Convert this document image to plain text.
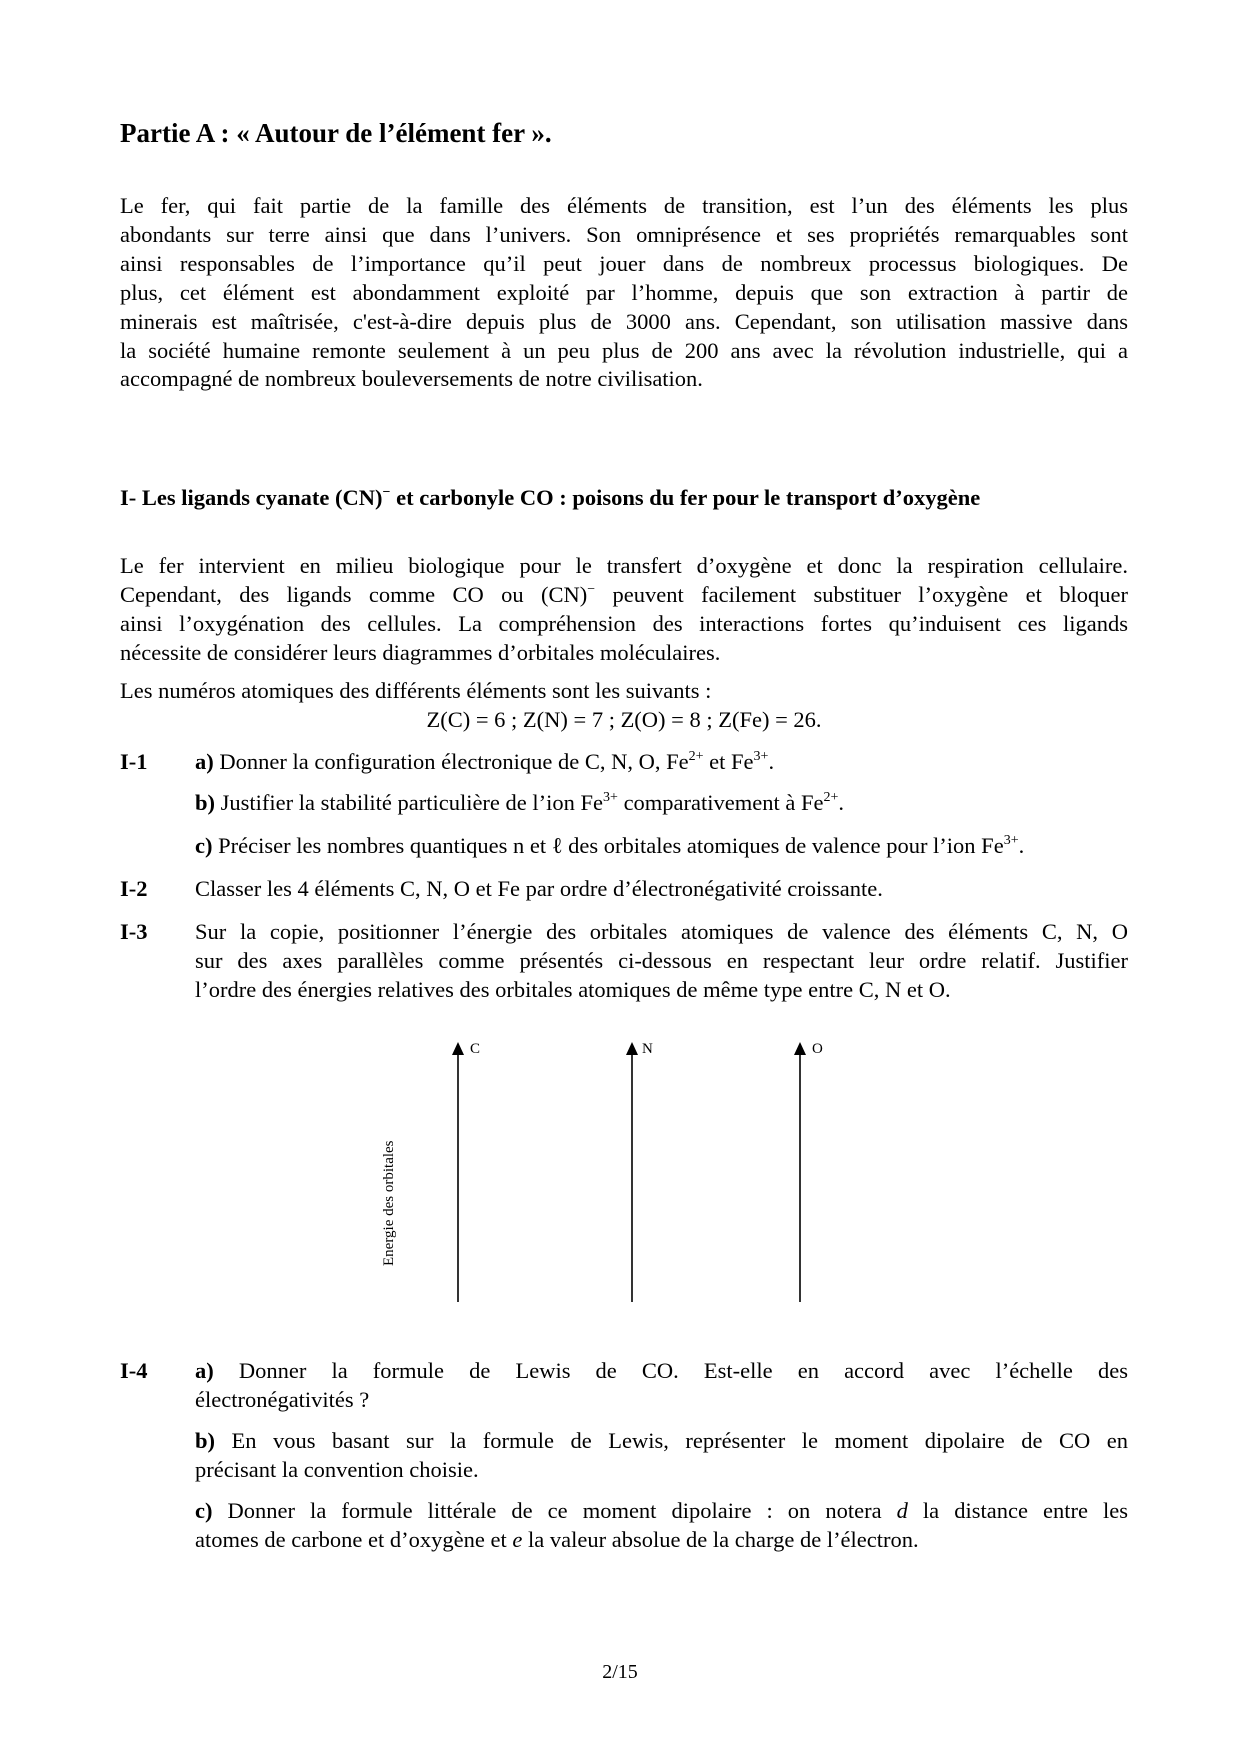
Partie A : « Autour de l’élément fer ».
Le fer, qui fait partie de la famille des éléments de transition, est l’un des éléments les plus
abondants sur terre ainsi que dans l’univers. Son omniprésence et ses propriétés remarquables sont
ainsi responsables de l’importance qu’il peut jouer dans de nombreux processus biologiques. De
plus, cet élément est abondamment exploité par l’homme, depuis que son extraction à partir de
minerais est maîtrisée, c'est-à-dire depuis plus de 3000 ans. Cependant, son utilisation massive dans
la société humaine remonte seulement à un peu plus de 200 ans avec la révolution industrielle, qui a
accompagné de nombreux bouleversements de notre civilisation.
I- Les ligands cyanate (CN)− et carbonyle CO : poisons du fer pour le transport d’oxygène
Le fer intervient en milieu biologique pour le transfert d’oxygène et donc la respiration cellulaire.
Cependant, des ligands comme CO ou (CN)− peuvent facilement substituer l’oxygène et bloquer
ainsi l’oxygénation des cellules. La compréhension des interactions fortes qu’induisent ces ligands
nécessite de considérer leurs diagrammes d’orbitales moléculaires.
Les numéros atomiques des différents éléments sont les suivants :
Z(C) = 6 ; Z(N) = 7 ; Z(O) = 8 ; Z(Fe) = 26.
I-1 a) Donner la configuration électronique de C, N, O, $Fe^{2+}$ et $Fe^{3+}$.
b) Justifier la stabilité particulière de l’ion $Fe^{3+}$ comparativement à $Fe^{2+}$.
c) Préciser les nombres quantiques n et ℓ des orbitales atomiques de valence pour l’ion $Fe^{3+}$.
I-2 Classer les 4 éléments C, N, O et Fe par ordre d’électronégativité croissante.
I-3 Sur la copie, positionner l’énergie des orbitales atomiques de valence des éléments C, N, O
sur des axes parallèles comme présentés ci-dessous en respectant leur ordre relatif. Justifier
l’ordre des énergies relatives des orbitales atomiques de même type entre C, N et O.
Energie des orbitales
C	N	O
I-4 a) Donner la formule de Lewis de CO. Est-elle en accord avec l’échelle des
électronégativités ?
b) En vous basant sur la formule de Lewis, représenter le moment dipolaire de CO en
précisant la convention choisie.
c) Donner la formule littérale de ce moment dipolaire : on notera d la distance entre les
atomes de carbone et d’oxygène et e la valeur absolue de la charge de l’électron.
2/15
